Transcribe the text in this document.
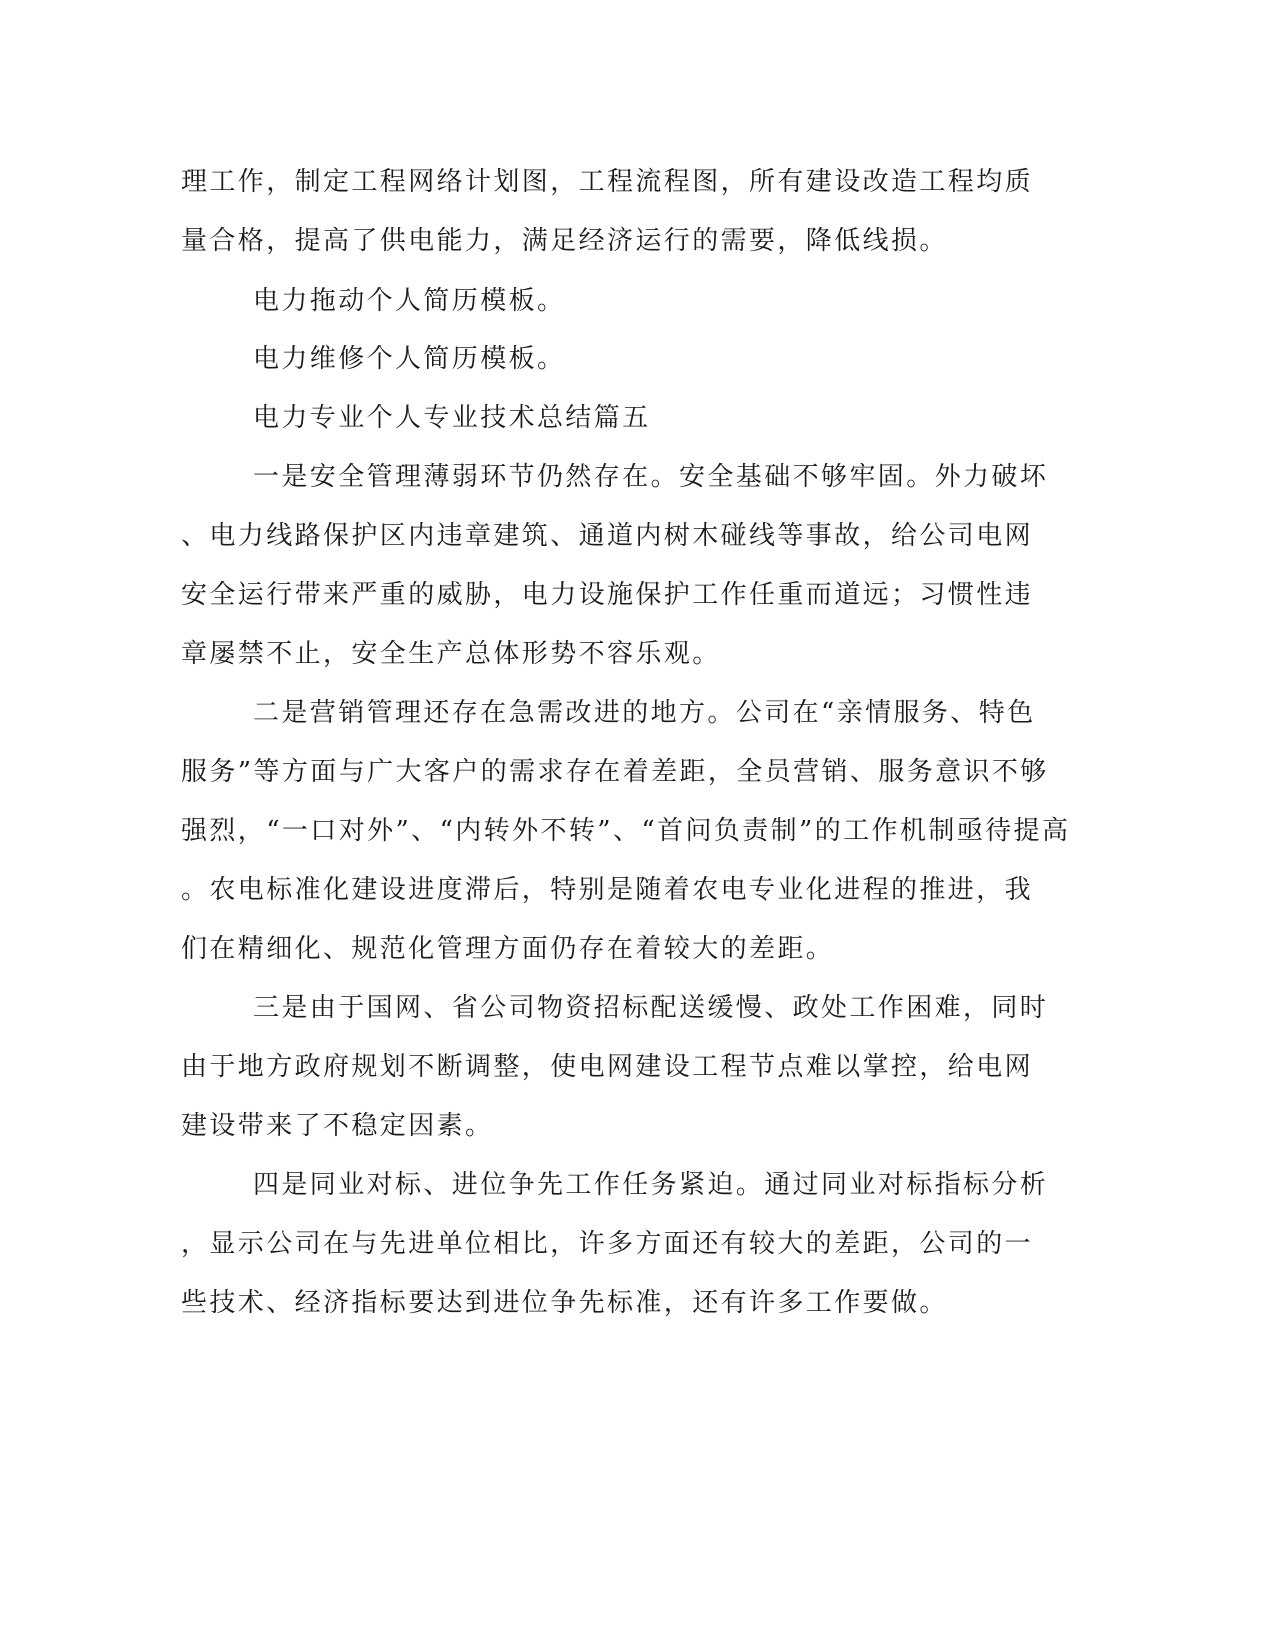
理工作，制定工程网络计划图，工程流程图，所有建设改造工程均质
量合格，提高了供电能力，满足经济运行的需要，降低线损。
电力拖动个人简历模板。
电力维修个人简历模板。
电力专业个人专业技术总结篇五
一是安全管理薄弱环节仍然存在。安全基础不够牢固。外力破坏
、电力线路保护区内违章建筑、通道内树木碰线等事故，给公司电网
安全运行带来严重的威胁，电力设施保护工作任重而道远；习惯性违
章屡禁不止，安全生产总体形势不容乐观。
二是营销管理还存在急需改进的地方。公司在“亲情服务、特色
服务”等方面与广大客户的需求存在着差距，全员营销、服务意识不够
强烈，“一口对外”、“内转外不转”、“首问负责制”的工作机制亟待提高
。农电标准化建设进度滞后，特别是随着农电专业化进程的推进，我
们在精细化、规范化管理方面仍存在着较大的差距。
三是由于国网、省公司物资招标配送缓慢、政处工作困难，同时
由于地方政府规划不断调整，使电网建设工程节点难以掌控，给电网
建设带来了不稳定因素。
四是同业对标、进位争先工作任务紧迫。通过同业对标指标分析
，显示公司在与先进单位相比，许多方面还有较大的差距，公司的一
些技术、经济指标要达到进位争先标准，还有许多工作要做。
